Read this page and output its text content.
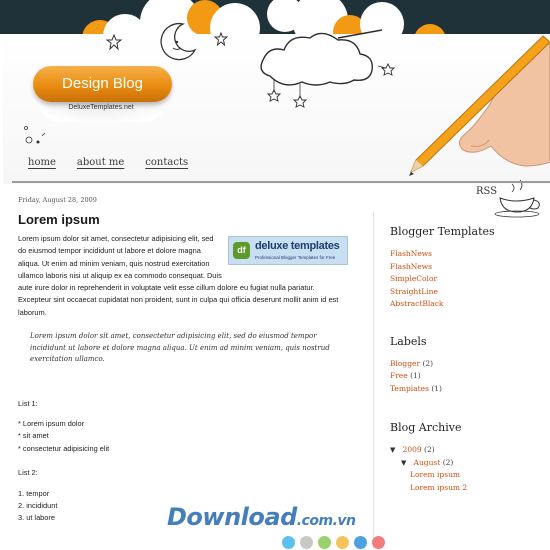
RSS
Design Blog
DeluxeTemplates.net
home about me contacts
Friday, August 28, 2009
Lorem ipsum
df deluxe templates
Professional Blogger Templates for Free
Lorem ipsum dolor sit amet, consectetur adipisicing elit, sed do eiusmod tempor incididunt ut labore et dolore magna aliqua. Ut enim ad minim veniam, quis nostrud exercitation ullamco laboris nisi ut aliquip ex ea commodo consequat. Duis aute irure dolor in reprehenderit in voluptate velit esse cillum dolore eu fugiat nulla pariatur. Excepteur sint occaecat cupidatat non proident, sunt in culpa qui officia deserunt mollit anim id est laborum.
Lorem ipsum dolor sit amet, consectetur adipisicing elit, sed do eiusmod tempor incididunt ut labore et dolore magna aliqua. Ut enim ad minim veniam, quis nostrud exercitation ullamco.
List 1:
* Lorem ipsum dolor
* sit amet
* consectetur adipisicing elit
List 2:
1. tempor
2. incididunt
3. ut labore
Blogger Templates
FlashNews
FlashNews
SimpleColor
StraightLine
AbstractBlack
Labels
Blogger (2)
Free (1)
Templates (1)
Blog Archive
▼ 2009 (2)
▼ August (2)
Lorem ipsum
Lorem ipsum 2
Download.com.vn
